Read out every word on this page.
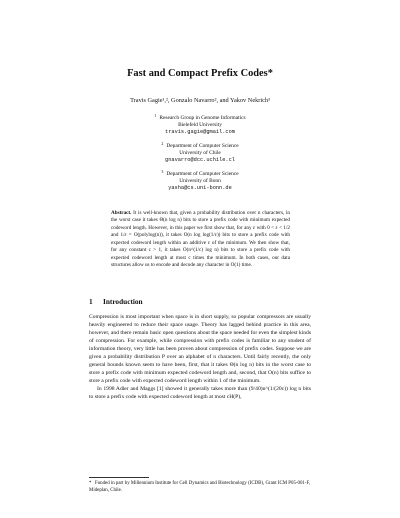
Fast and Compact Prefix Codes*
Travis Gagie¹,², Gonzalo Navarro², and Yakov Nekrich³
$^1$ Research Group in Genome Informatics
Bielefeld University
travis.gagie@gmail.com
$^2$ Department of Computer Science
University of Chile
gnavarro@dcc.uchile.cl
$^3$ Department of Computer Science
University of Bonn
yasha@cs.uni-bonn.de
Abstract. It is well-known that, given a probability distribution over n characters, in the worst case it takes Θ(n log n) bits to store a prefix code with minimum expected codeword length. However, in this paper we first show that, for any ε with 0 < ε < 1/2 and 1/ε = O(polylog(n)), it takes O(n log log(1/ε)) bits to store a prefix code with expected codeword length within an additive ε of the minimum. We then show that, for any constant c > 1, it takes O(n^(1/c) log n) bits to store a prefix code with expected codeword length at most c times the minimum. In both cases, our data structures allow us to encode and decode any character in O(1) time.
1 Introduction

Compression is most important when space is in short supply, so popular compressors are usually heavily engineered to reduce their space usage. Theory has lagged behind practice in this area, however, and there remain basic open questions about the space needed for even the simplest kinds of compression. For example, while compression with prefix codes is familiar to any student of information theory, very little has been proven about compression of prefix codes. Suppose we are given a probability distribution P over an alphabet of n characters. Until fairly recently, the only general bounds known seem to have been, first, that it takes Θ(n log n) bits in the worst case to store a prefix code with minimum expected codeword length and, second, that O(n) bits suffice to store a prefix code with expected codeword length within 1 of the minimum.

In 1998 Adler and Maggs [1] showed it generally takes more than (9/40)n^(1/(20c)) log n bits to store a prefix code with expected codeword length at most cH(P),

* Funded in part by Millennium Institute for Cell Dynamics and Biotechnology (ICDB), Grant ICM P05-001-F, Mideplan, Chile.
